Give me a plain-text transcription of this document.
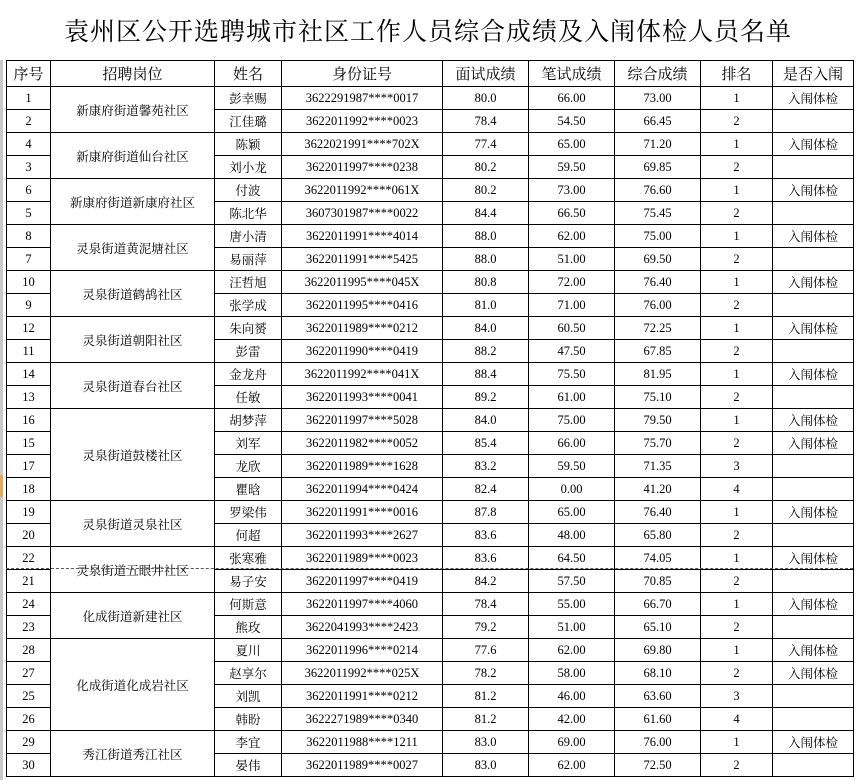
袁州区公开选聘城市社区工作人员综合成绩及入闱体检人员名单
序号	招聘岗位	姓名	身份证号	面试成绩	笔试成绩	综合成绩	排名	是否入闱
1	新康府街道馨苑社区	彭幸赐	3622291987****0017	80.0	66.00	73.00	1	入闱体检
2		江佳璐	3622011992****0023	78.4	54.50	66.45	2	
4	新康府街道仙台社区	陈颖	3622021991****702X	77.4	65.00	71.20	1	入闱体检
3		刘小龙	3622011997****0238	80.2	59.50	69.85	2	
6	新康府街道新康府社区	付波	3622011992****061X	80.2	73.00	76.60	1	入闱体检
5		陈北华	3607301987****0022	84.4	66.50	75.45	2	
8	灵泉街道黄泥塘社区	唐小清	3622011991****4014	88.0	62.00	75.00	1	入闱体检
7		易丽萍	3622011991****5425	88.0	51.00	69.50	2	
10	灵泉街道鹤鸪社区	汪哲旭	3622011995****045X	80.8	72.00	76.40	1	入闱体检
9		张学成	3622011995****0416	81.0	71.00	76.00	2	
12	灵泉街道朝阳社区	朱向赟	3622011989****0212	84.0	60.50	72.25	1	入闱体检
11		彭雷	3622011990****0419	88.2	47.50	67.85	2	
14	灵泉街道春台社区	金龙舟	3622011992****041X	88.4	75.50	81.95	1	入闱体检
13		任敏	3622011993****0041	89.2	61.00	75.10	2	
16	灵泉街道鼓楼社区	胡梦萍	3622011997****5028	84.0	75.00	79.50	1	入闱体检
15		刘军	3622011982****0052	85.4	66.00	75.70	2	入闱体检
17		龙欣	3622011989****1628	83.2	59.50	71.35	3	
18		瞿晗	3622011994****0424	82.4	0.00	41.20	4	
19	灵泉街道灵泉社区	罗梁伟	3622011991****0016	87.8	65.00	76.40	1	入闱体检
20		何超	3622011993****2627	83.6	48.00	65.80	2	
22	灵泉街道五眼井社区	张寒雅	3622011989****0023	83.6	64.50	74.05	1	入闱体检
21		易子安	3622011997****0419	84.2	57.50	70.85	2	
24	化成街道新建社区	何斯意	3622011997****4060	78.4	55.00	66.70	1	入闱体检
23		熊玫	3622041993****2423	79.2	51.00	65.10	2	
28	化成街道化成岩社区	夏川	3622011996****0214	77.6	62.00	69.80	1	入闱体检
27		赵享尔	3622011992****025X	78.2	58.00	68.10	2	入闱体检
25		刘凯	3622011991****0212	81.2	46.00	63.60	3	
26		韩盼	3622271989****0340	81.2	42.00	61.60	4	
29	秀江街道秀江社区	李宜	3622011988****1211	83.0	69.00	76.00	1	入闱体检
30		晏伟	3622011989****0027	83.0	62.00	72.50	2	
